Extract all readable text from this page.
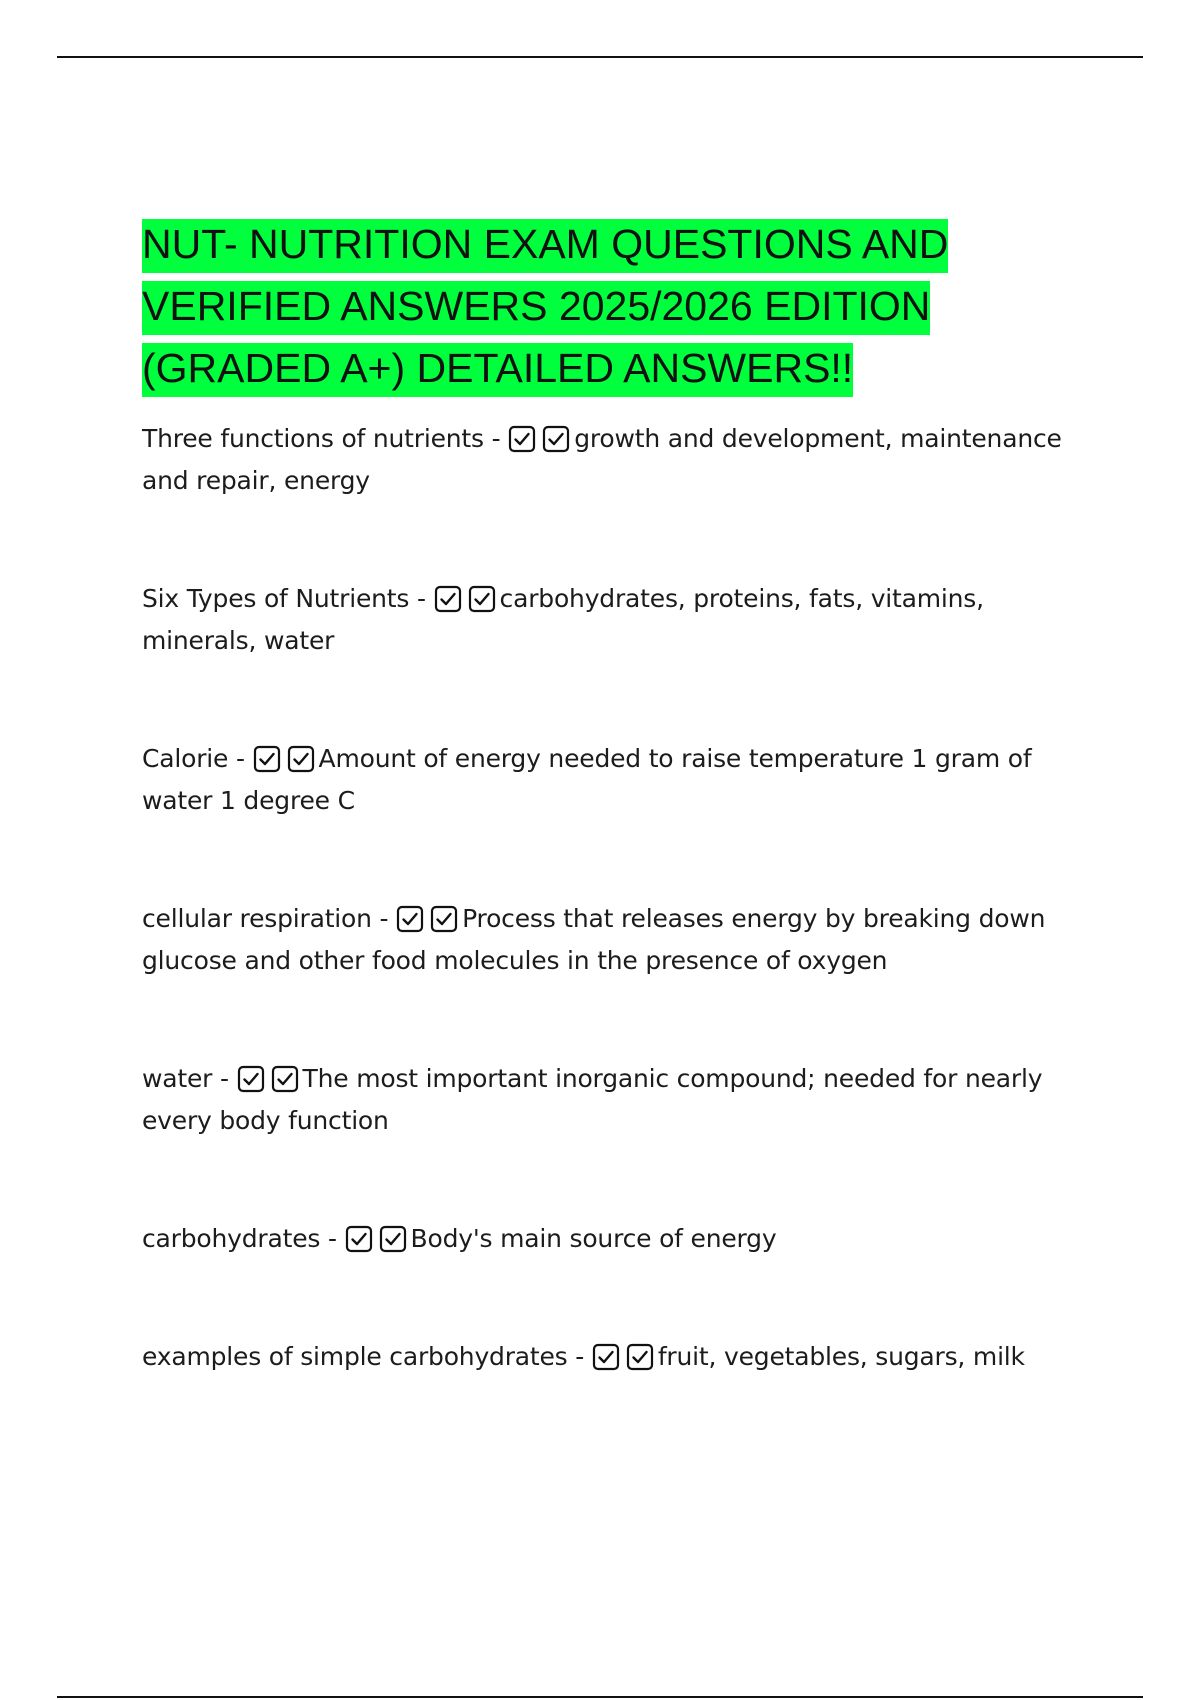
NUT- NUTRITION EXAM QUESTIONS AND
VERIFIED ANSWERS 2025/2026 EDITION
(GRADED A+) DETAILED ANSWERS!!

Three functions of nutrients -	growth and development, maintenance and repair, energy

Six Types of Nutrients -	carbohydrates, proteins, fats, vitamins, minerals, water

Calorie -	Amount of energy needed to raise temperature 1 gram of water 1 degree C

cellular respiration -	Process that releases energy by breaking down glucose and other food molecules in the presence of oxygen

water -	The most important inorganic compound; needed for nearly every body function

carbohydrates -	Body's main source of energy

examples of simple carbohydrates -	fruit, vegetables, sugars, milk
